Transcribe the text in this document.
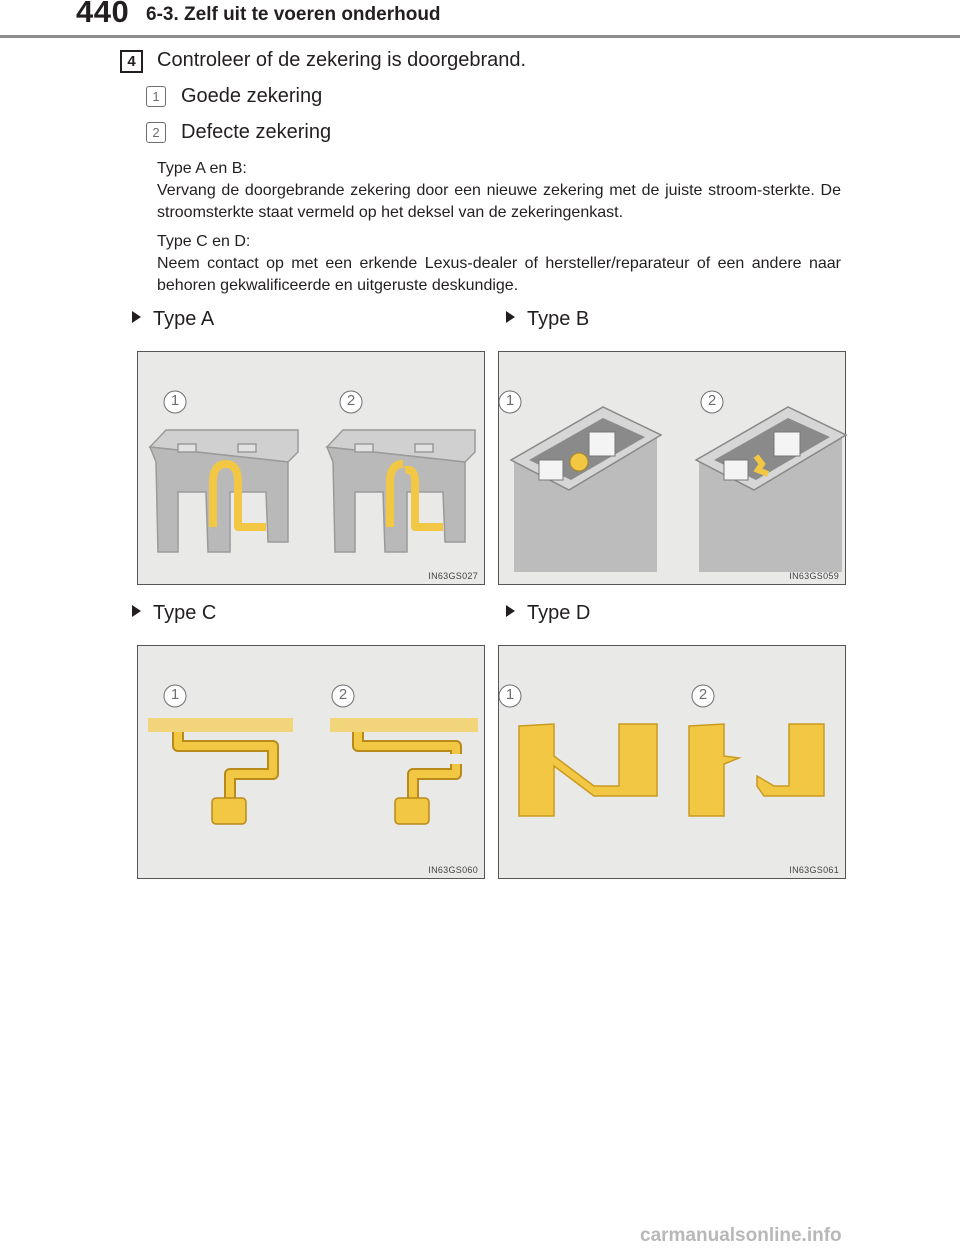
440 6-3. Zelf uit te voeren onderhoud
4	Controleer of de zekering is doorgebrand.
1	Goede zekering
2	Defecte zekering
Type A en B:
Vervang de doorgebrande zekering door een nieuwe zekering met de juiste stroom-sterkte. De stroomsterkte staat vermeld op het deksel van de zekeringenkast.
Type C en D:
Neem contact op met een erkende Lexus-dealer of hersteller/reparateur of een andere naar behoren gekwalificeerde en uitgeruste deskundige.
Type A
1	2
IN63GS027
Type B
1	2
IN63GS059
Type C
1	2
IN63GS060
Type D
1	2
IN63GS061
carmanualsonline.info
